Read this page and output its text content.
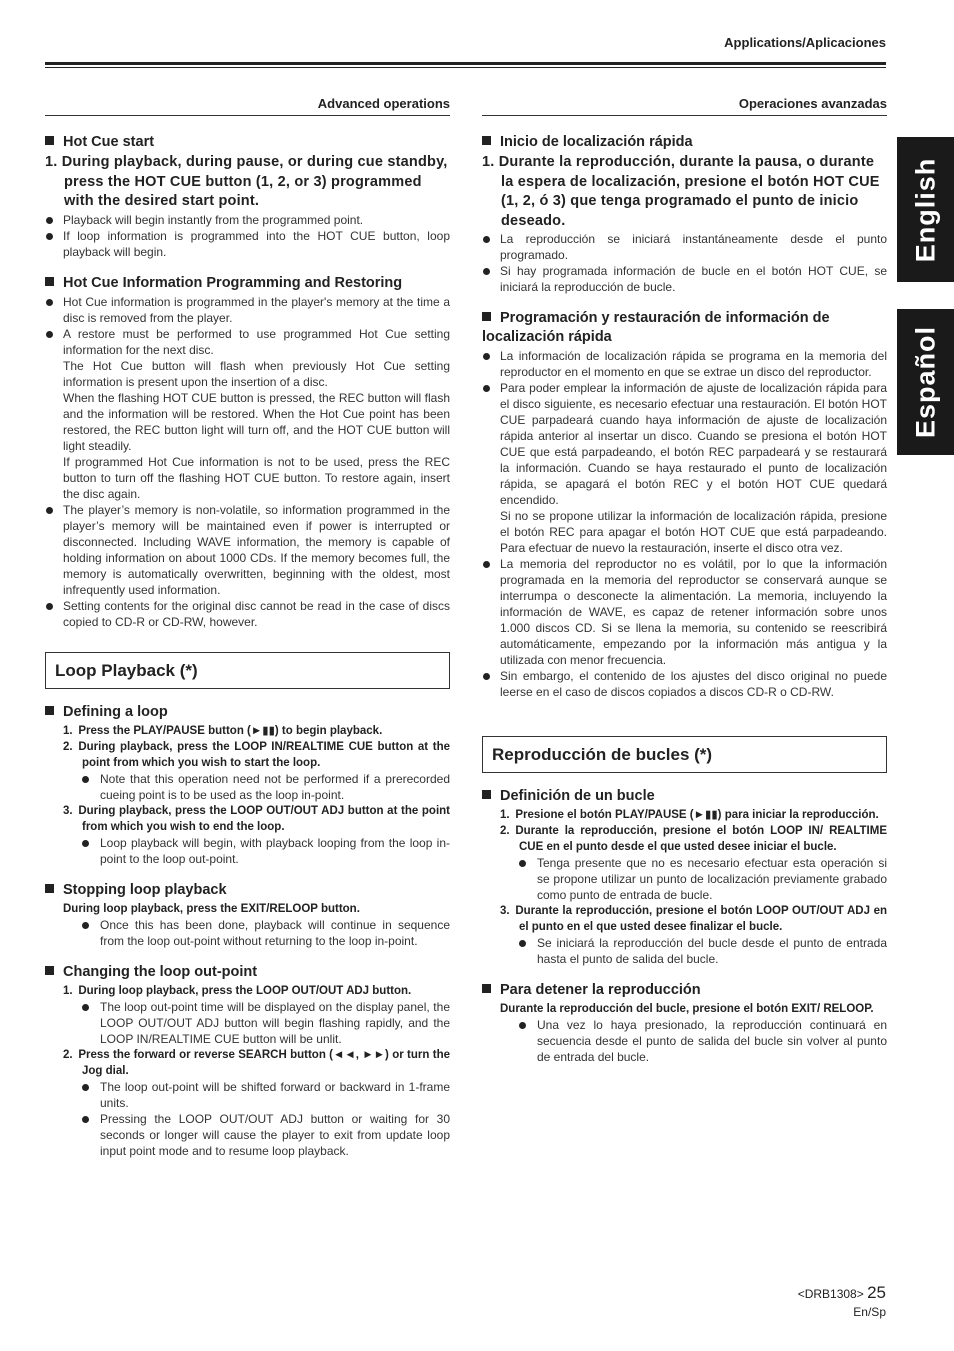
Applications/Aplicaciones
English
Español
Advanced operations
Hot Cue start

1. During playback, during pause, or during cue standby, press the HOT CUE button (1, 2, or 3) programmed with the desired start point.

Playback will begin instantly from the programmed point.

If loop information is programmed into the HOT CUE button, loop playback will begin.

Hot Cue Information Programming and Restoring

Hot Cue information is programmed in the player's memory at the time a disc is removed from the player.

A restore must be performed to use programmed Hot Cue setting information for the next disc.

The Hot Cue button will flash when previously Hot Cue setting information is present upon the insertion of a disc.

When the flashing HOT CUE button is pressed, the REC button will flash and the information will be restored. When the Hot Cue point has been restored, the REC button light will turn off, and the HOT CUE button will light steadily.

If programmed Hot Cue information is not to be used, press the REC button to turn off the flashing HOT CUE button. To restore again, insert the disc again.

The player’s memory is non-volatile, so information programmed in the player’s memory will be maintained even if power is interrupted or disconnected. Including WAVE information, the memory is capable of holding information on about 1000 CDs. If the memory becomes full, the memory is automatically overwritten, beginning with the oldest, most infrequently used information.

Setting contents for the original disc cannot be read in the case of discs copied to CD-R or CD-RW, however.

Loop Playback (*)
Defining a loop

1. Press the PLAY/PAUSE button (►▮▮) to begin playback.

2. During playback, press the LOOP IN/REALTIME CUE button at the point from which you wish to start the loop.

Note that this operation need not be performed if a prerecorded cueing point is to be used as the loop in-point.

3. During playback, press the LOOP OUT/OUT ADJ button at the point from which you wish to end the loop.

Loop playback will begin, with playback looping from the loop in-point to the loop out-point.

Stopping loop playback

During loop playback, press the EXIT/RELOOP button.

Once this has been done, playback will continue in sequence from the loop out-point without returning to the loop in-point.

Changing the loop out-point

1. During loop playback, press the LOOP OUT/OUT ADJ button.

The loop out-point time will be displayed on the display panel, the LOOP OUT/OUT ADJ button will begin flashing rapidly, and the LOOP IN/REALTIME CUE button will be unlit.

2. Press the forward or reverse SEARCH button (◄◄, ►►) or turn the Jog dial.

The loop out-point will be shifted forward or backward in 1-frame units.

Pressing the LOOP OUT/OUT ADJ button or waiting for 30 seconds or longer will cause the player to exit from update loop input point mode and to resume loop playback.

Operaciones avanzadas
Inicio de localización rápida

1. Durante la reproducción, durante la pausa, o durante la espera de localización, presione el botón HOT CUE (1, 2, ó 3) que tenga programado el punto de inicio deseado.

La reproducción se iniciará instantáneamente desde el punto programado.

Si hay programada información de bucle en el botón HOT CUE, se iniciará la reproducción de bucle.

Programación y restauración de información de localización rápida

La información de localización rápida se programa en la memoria del reproductor en el momento en que se extrae un disco del reproductor.

Para poder emplear la información de ajuste de localización rápida para el disco siguiente, es necesario efectuar una restauración. El botón HOT CUE parpadeará cuando haya información de ajuste de localización rápida anterior al insertar un disco. Cuando se presiona el botón HOT CUE que está parpadeando, el botón REC parpadeará y se restaurará la información. Cuando se haya restaurado el punto de localización rápida, se apagará el botón REC y el botón HOT CUE quedará encendido.

Si no se propone utilizar la información de localización rápida, presione el botón REC para apagar el botón HOT CUE que está parpadeando. Para efectuar de nuevo la restauración, inserte el disco otra vez.

La memoria del reproductor no es volátil, por lo que la información programada en la memoria del reproductor se conservará aunque se interrumpa o desconecte la alimentación. La memoria, incluyendo la información de WAVE, es capaz de retener información sobre unos 1.000 discos CD. Si se llena la memoria, su contenido se reescribirá automáticamente, empezando por la información más antigua y la utilizada con menor frecuencia.

Sin embargo, el contenido de los ajustes del disco original no puede leerse en el caso de discos copiados a discos CD-R o CD-RW.

Reproducción de bucles (*)
Definición de un bucle

1. Presione el botón PLAY/PAUSE (►▮▮) para iniciar la reproducción.

2. Durante la reproducción, presione el botón LOOP IN/ REALTIME CUE en el punto desde el que usted desee iniciar el bucle.

Tenga presente que no es necesario efectuar esta operación si se propone utilizar un punto de localización previamente grabado como punto de entrada de bucle.

3. Durante la reproducción, presione el botón LOOP OUT/OUT ADJ en el punto en el que usted desee finalizar el bucle.

Se iniciará la reproducción del bucle desde el punto de entrada hasta el punto de salida del bucle.

Para detener la reproducción

Durante la reproducción del bucle, presione el botón EXIT/ RELOOP.

Una vez lo haya presionado, la reproducción continuará en secuencia desde el punto de salida del bucle sin volver al punto de entrada del bucle.

<DRB1308> 25
En/Sp
